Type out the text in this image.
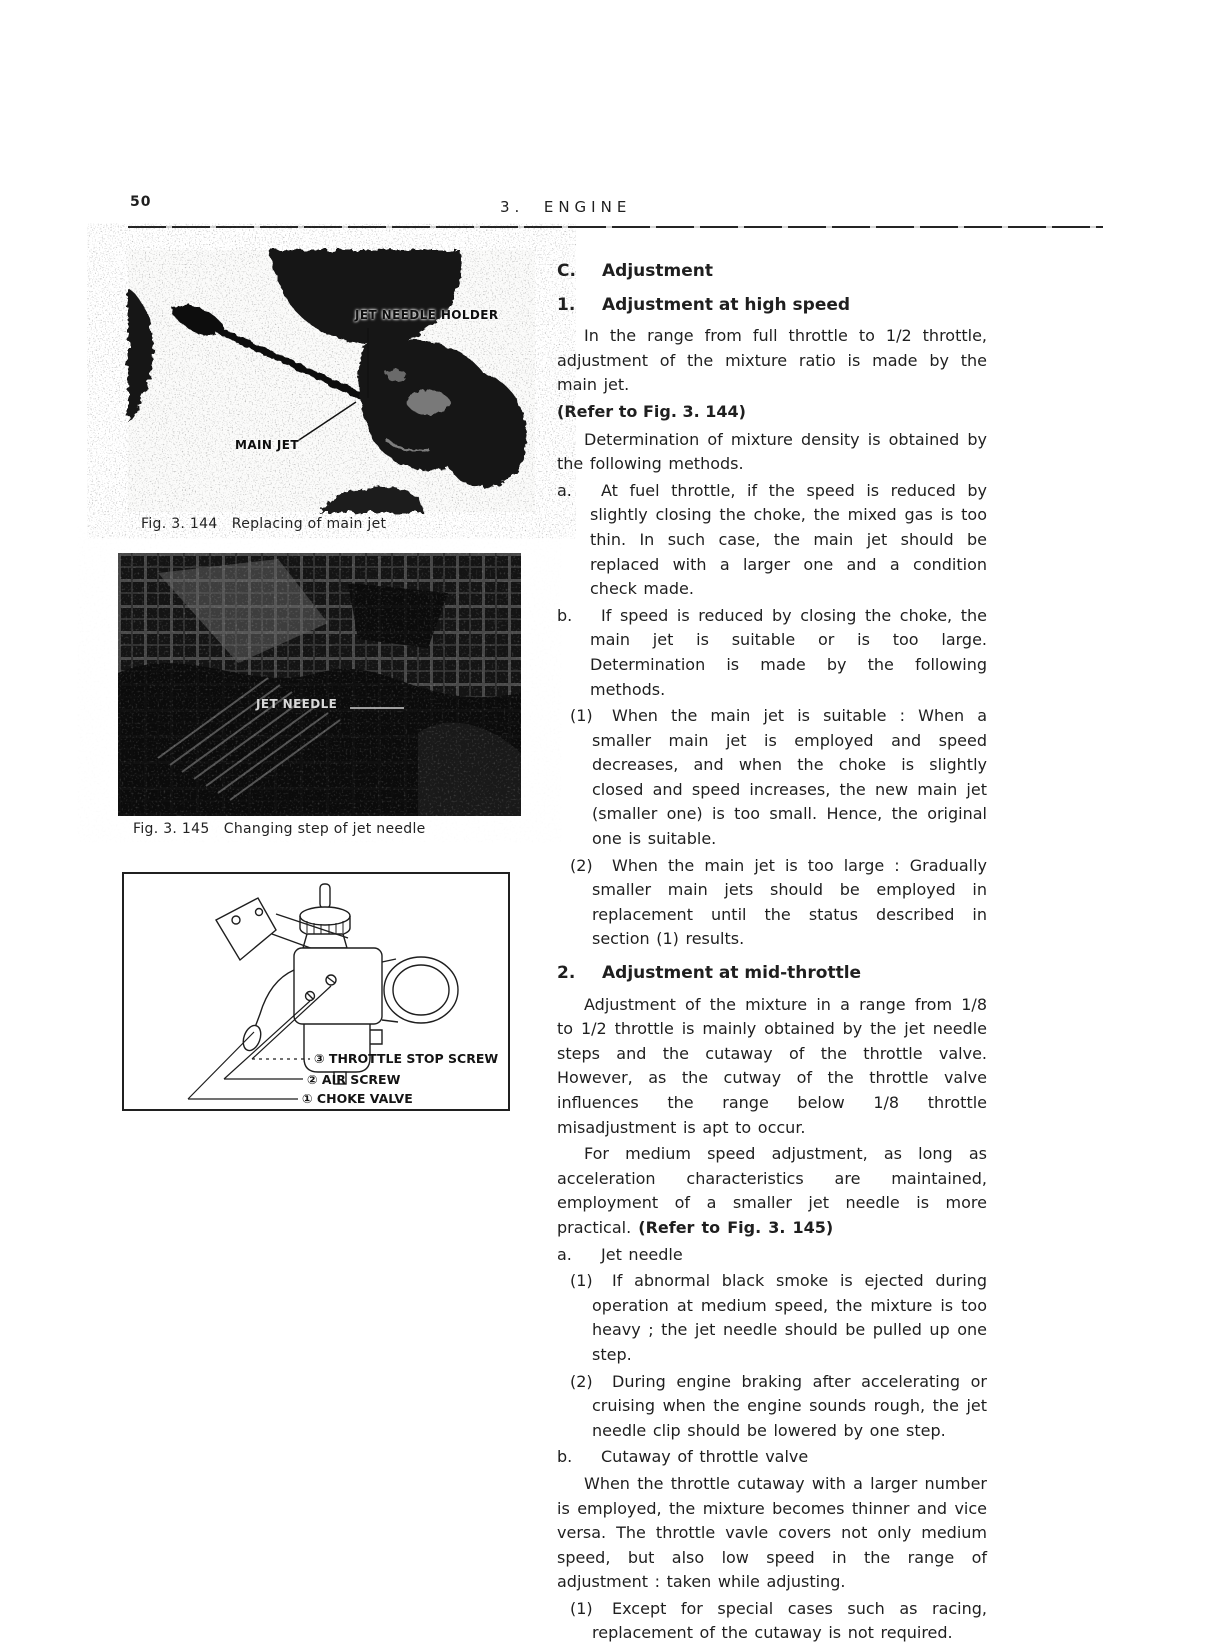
50	3.  ENGINE
JET NEEDLE HOLDER
MAIN JET
Fig. 3. 144   Replacing of main jet
JET NEEDLE
Fig. 3. 145   Changing step of jet needle
③ THROTTLE STOP SCREW
② AIR SCREW
① CHOKE VALVE
C. Adjustment
1. Adjustment at high speed
In the range from full throttle to 1/2 throttle, adjustment of the mixture ratio is made by the main jet.
(Refer to Fig. 3. 144)
Determination of mixture density is obtained by the following methods.
a. At fuel throttle, if the speed is reduced by slightly closing the choke, the mixed gas is too thin. In such case, the main jet should be replaced with a larger one and a condition check made.
b. If speed is reduced by closing the choke, the main jet is suitable or is too large. Determination is made by the following methods.
(1) When the main jet is suitable : When a smaller main jet is employed and speed decreases, and when the choke is slightly closed and speed increases, the new main jet (smaller one) is too small. Hence, the original one is suitable.
(2) When the main jet is too large : Gradually smaller main jets should be employed in replacement until the status described in section (1) results.
2. Adjustment at mid-throttle
Adjustment of the mixture in a range from 1/8 to 1/2 throttle is mainly obtained by the jet needle steps and the cutaway of the throttle valve. However, as the cutway of the throttle valve influences the range below 1/8 throttle misadjustment is apt to occur.
For medium speed adjustment, as long as acceleration characteristics are maintained, employment of a smaller jet needle is more practical. (Refer to Fig. 3. 145)
a. Jet needle
(1) If abnormal black smoke is ejected during operation at medium speed, the mixture is too heavy ; the jet needle should be pulled up one step.
(2) During engine braking after accelerating or cruising when the engine sounds rough, the jet needle clip should be lowered by one step.
b. Cutaway of throttle valve
When the throttle cutaway with a larger number is employed, the mixture becomes thinner and vice versa. The throttle vavle covers not only medium speed, but also low speed in the range of adjustment : taken while adjusting.
(1) Except for special cases such as racing, replacement of the cutaway is not required.
